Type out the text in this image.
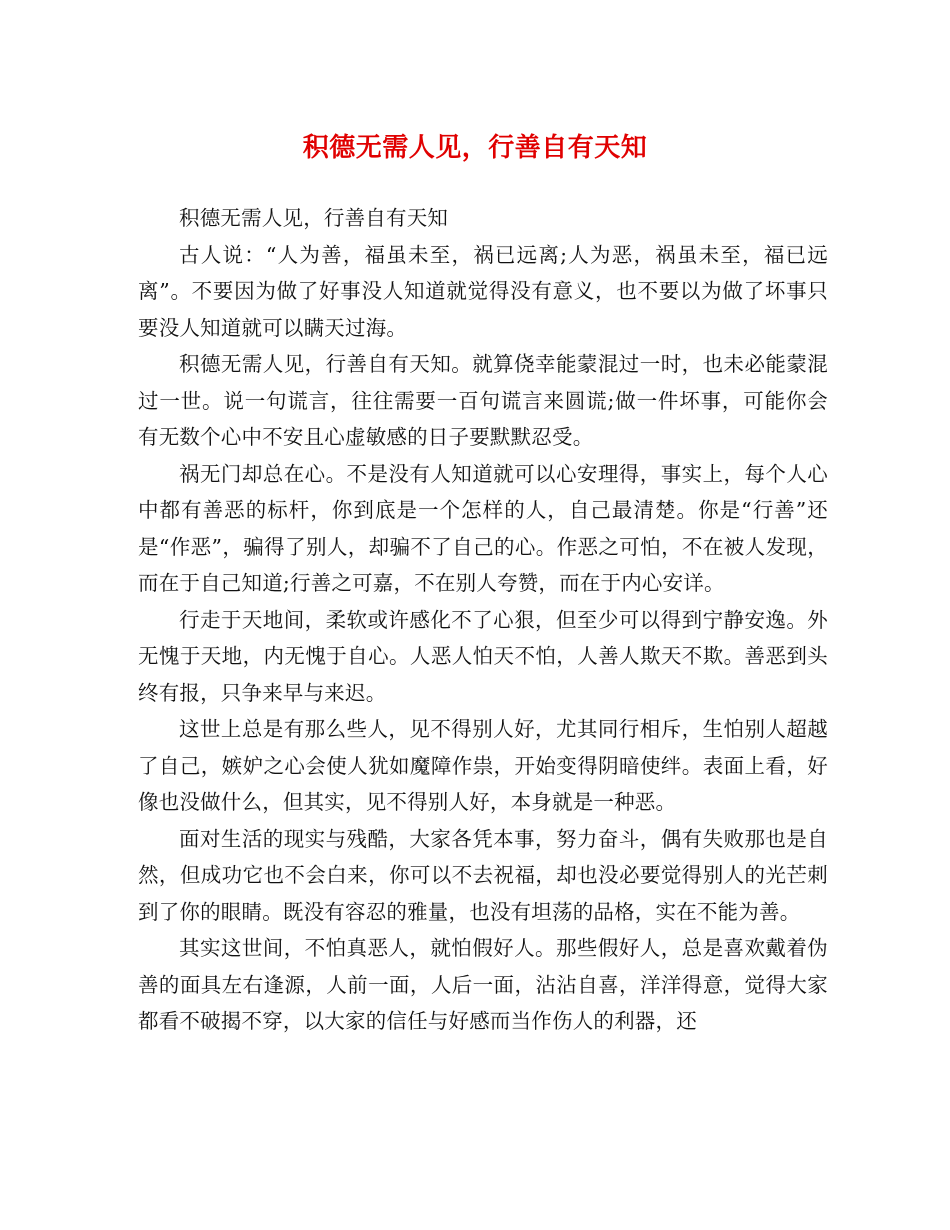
积德无需人见，行善自有天知

积德无需人见，行善自有天知

古人说：“人为善，福虽未至，祸已远离;人为恶，祸虽未至，福已远离”。不要因为做了好事没人知道就觉得没有意义，也不要以为做了坏事只要没人知道就可以瞒天过海。

积德无需人见，行善自有天知。就算侥幸能蒙混过一时，也未必能蒙混过一世。说一句谎言，往往需要一百句谎言来圆谎;做一件坏事，可能你会有无数个心中不安且心虚敏感的日子要默默忍受。

祸无门却总在心。不是没有人知道就可以心安理得，事实上，每个人心中都有善恶的标杆，你到底是一个怎样的人，自己最清楚。你是“行善”还是“作恶”，骗得了别人，却骗不了自己的心。作恶之可怕，不在被人发现，而在于自己知道;行善之可嘉，不在别人夸赞，而在于内心安详。

行走于天地间，柔软或许感化不了心狠，但至少可以得到宁静安逸。外无愧于天地，内无愧于自心。人恶人怕天不怕，人善人欺天不欺。善恶到头终有报，只争来早与来迟。

这世上总是有那么些人，见不得别人好，尤其同行相斥，生怕别人超越了自己，嫉妒之心会使人犹如魔障作祟，开始变得阴暗使绊。表面上看，好像也没做什么，但其实，见不得别人好，本身就是一种恶。

面对生活的现实与残酷，大家各凭本事，努力奋斗，偶有失败那也是自然，但成功它也不会白来，你可以不去祝福，却也没必要觉得别人的光芒刺到了你的眼睛。既没有容忍的雅量，也没有坦荡的品格，实在不能为善。

其实这世间，不怕真恶人，就怕假好人。那些假好人，总是喜欢戴着伪善的面具左右逢源，人前一面，人后一面，沾沾自喜，洋洋得意，觉得大家都看不破揭不穿，以大家的信任与好感而当作伤人的利器，还
